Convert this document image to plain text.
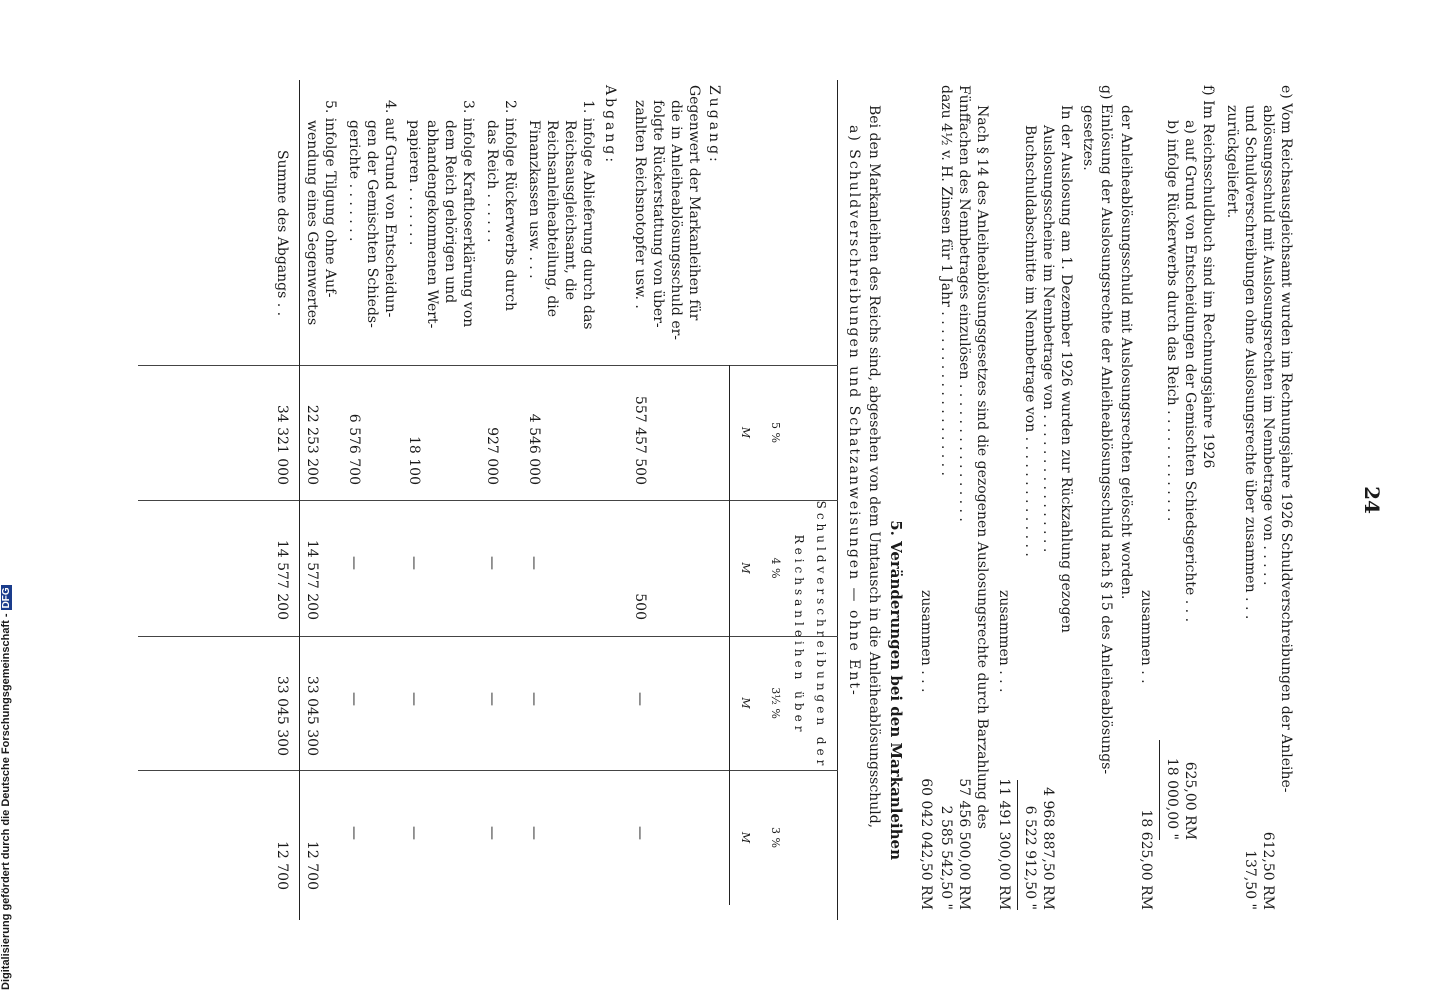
24
e) Vom Reichsausgleichsamt wurden im Rechnungsjahre 1926 Schuldverschreibungen der Anleihe-
ablösungsschuld mit Auslosungsrechten im Nennbetrage von . . . . .
und Schuldverschreibungen ohne Auslosungsrechte über zusammen . . .
zurückgeliefert.
612,50 RM
137,50 "
f) Im Reichsschuldbuch sind im Rechnungsjahre 1926
a) auf Grund von Entscheidungen der Gemischten Schiedsgerichte . . .
b) infolge Rückerwerbs durch das Reich . . . . . . . . . . . . .
625,00 RM
18 000,00 "
zusammen . .
18 625,00 RM
der Anleiheablösungsschuld mit Auslosungsrechten gelöscht worden.
g) Einlösung der Auslosungsrechte der Anleiheablösungsschuld nach § 15 des Anleiheablösungs-
gesetzes.
In der Auslosung am 1. Dezember 1926 wurden zur Rückzahlung gezogen
Auslosungsscheine im Nennbetrage von . . . . . . . . . . . . . . . .
Buchschuldabschnitte im Nennbetrage von . . . . . . . . . . . . . .
4 968 887,50 RM
6 522 912,50 "
zusammen . . .
11 491 300,00 RM
Nach § 14 des Anleiheablösungsgesetzes sind die gezogenen Auslosungsrechte durch Barzahlung des
Fünffachen des Nennbetrages einzulösen . . . . . . . . . . . . . . . .
dazu 4½ v. H. Zinsen für 1 Jahr . . . . . . . . . . . . . . . . . . .
57 456 500,00 RM
2 585 542,50 "
zusammen . . .
60 042 042,50 RM
5. Veränderungen bei den Markanleihen
Bei den Markanleihen des Reichs sind, abgesehen von dem Umtausch in die Anleiheablösungsschuld,
a) Schuldverschreibungen und Schatzanweisungen — ohne Ent-
Schuldverschreibungen der
Reichsanleihen über
5 %
4 %
3½ %
3 %
M
M
M
M
Zugang:
Gegenwert der Markanleihen für
die in Anleiheablösungsschuld er-
folgte Rückerstattung von über-
zahlten Reichsnotopfer usw. .
557 457 500
500
—
—
Abgang:
1. infolge Ablieferung durch das
Reichsausgleichsamt, die
Reichsanleiheabteilung, die
Finanzkassen usw. . . .
4 546 000
—
—
—
2. infolge Rückerwerbs durch
das Reich . . . . . .
927 000
—
—
—
3. infolge Kraftloserklärung von
dem Reich gehörigen und
abhandengekommenen Wert-
papieren . . . . . . .
18 100
—
—
—
4. auf Grund von Entscheidun-
gen der Gemischten Schieds-
gerichte . . . . . . .
6 576 700
—
—
—
5. infolge Tilgung ohne Auf-
wendung eines Gegenwertes
22 253 200
14 577 200
33 045 300
12 700
Summe des Abgangs . .
34 321 000
14 577 200
33 045 300
12 700
Digitalisierung gefördert durch die Deutsche Forschungsgemeinschaft - DFG
